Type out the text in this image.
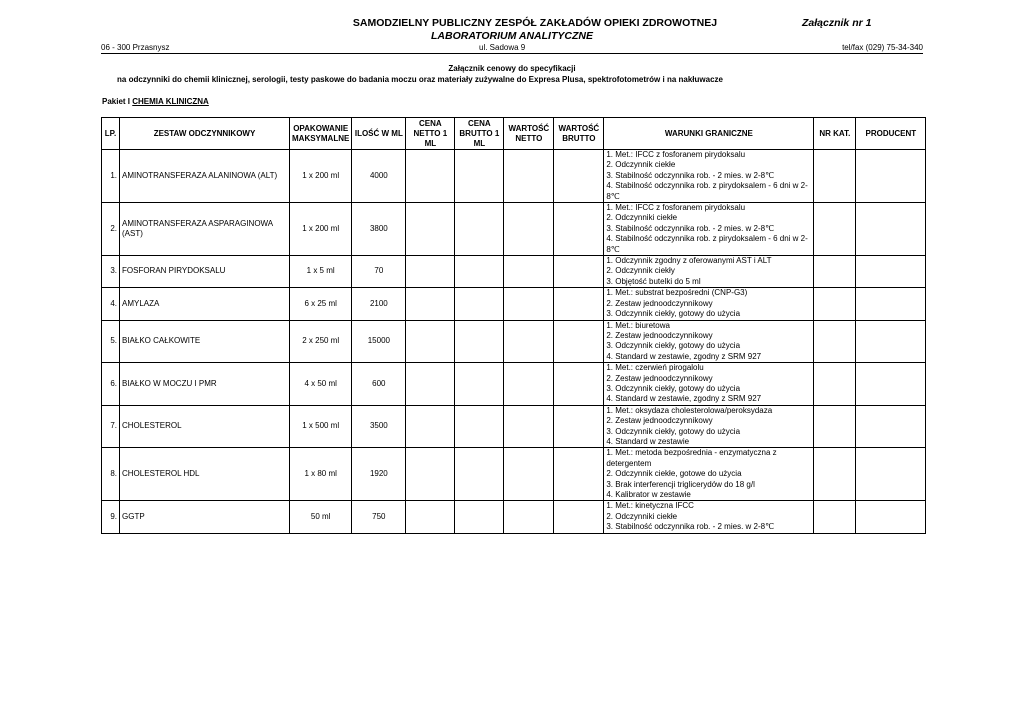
SAMODZIELNY PUBLICZNY ZESPÓŁ ZAKŁADÓW OPIEKI ZDROWOTNEJ	Załącznik nr 1
LABORATORIUM ANALITYCZNE
06 - 300 Przasnysz	ul. Sadowa 9	tel/fax (029) 75-34-340
Załącznik cenowy do specyfikacji
na odczynniki do chemii klinicznej, serologii, testy paskowe do badania moczu oraz materiały zużywalne do Expresa Plusa, spektrofotometrów i na nakłuwacze
Pakiet I CHEMIA KLINICZNA
LP.	ZESTAW ODCZYNNIKOWY	OPAKOWANIE MAKSYMALNE	ILOŚĆ W ML	CENA NETTO 1 ML	CENA BRUTTO 1 ML	WARTOŚĆ NETTO	WARTOŚĆ BRUTTO	WARUNKI GRANICZNE	NR KAT.	PRODUCENT
1.	AMINOTRANSFERAZA ALANINOWA (ALT)	1 x 200 ml	4000					1. Met.: IFCC z fosforanem pirydoksalu
2. Odczynnik ciekłe
3. Stabilność odczynnika rob. - 2 mies. w 2-8℃
4. Stabilność odczynnika rob. z pirydoksalem - 6 dni w 2-8℃		

2.	AMINOTRANSFERAZA ASPARAGINOWA (AST)	1 x 200 ml	3800					1. Met.: IFCC z fosforanem pirydoksalu
2. Odczynniki ciekłe
3. Stabilność odczynnika rob. - 2 mies. w 2-8℃
4. Stabilność odczynnika rob. z pirydoksalem - 6 dni w 2-8℃		

3.	FOSFORAN PIRYDOKSALU	1 x 5 ml	70					1. Odczynnik zgodny z oferowanymi AST i ALT
2. Odczynnik ciekły
3. Objętość butelki do 5 ml		

4.	AMYLAZA	6 x 25 ml	2100					1. Met.: substrat bezpośredni (CNP-G3)
2. Zestaw jednoodczynnikowy
3. Odczynnik ciekły, gotowy do użycia		

5.	BIAŁKO CAŁKOWITE	2 x 250 ml	15000					1. Met.: biuretowa
2. Zestaw jednoodczynnikowy
3. Odczynnik ciekły, gotowy do użycia
4. Standard w zestawie, zgodny z SRM 927		

6.	BIAŁKO W MOCZU I PMR	4 x 50 ml	600					1. Met.: czerwień pirogalolu
2. Zestaw jednoodczynnikowy
3. Odczynnik ciekły, gotowy do użycia
4. Standard w zestawie, zgodny z SRM 927		

7.	CHOLESTEROL	1 x 500 ml	3500					1. Met.: oksydaza cholesterolowa/peroksydaza
2. Zestaw jednoodczynnikowy
3. Odczynnik ciekły, gotowy do użycia
4. Standard w zestawie		

8.	CHOLESTEROL HDL	1 x 80 ml	1920					1. Met.: metoda bezpośrednia - enzymatyczna z detergentem
2. Odczynnik ciekłe, gotowe do użycia
3. Brak interferencji triglicerydów do 18 g/l
4. Kalibrator w zestawie		

9.	GGTP	50 ml	750					1. Met.: kinetyczna IFCC
2. Odczynniki ciekłe
3. Stabilność odczynnika rob. - 2 mies. w 2-8℃		
